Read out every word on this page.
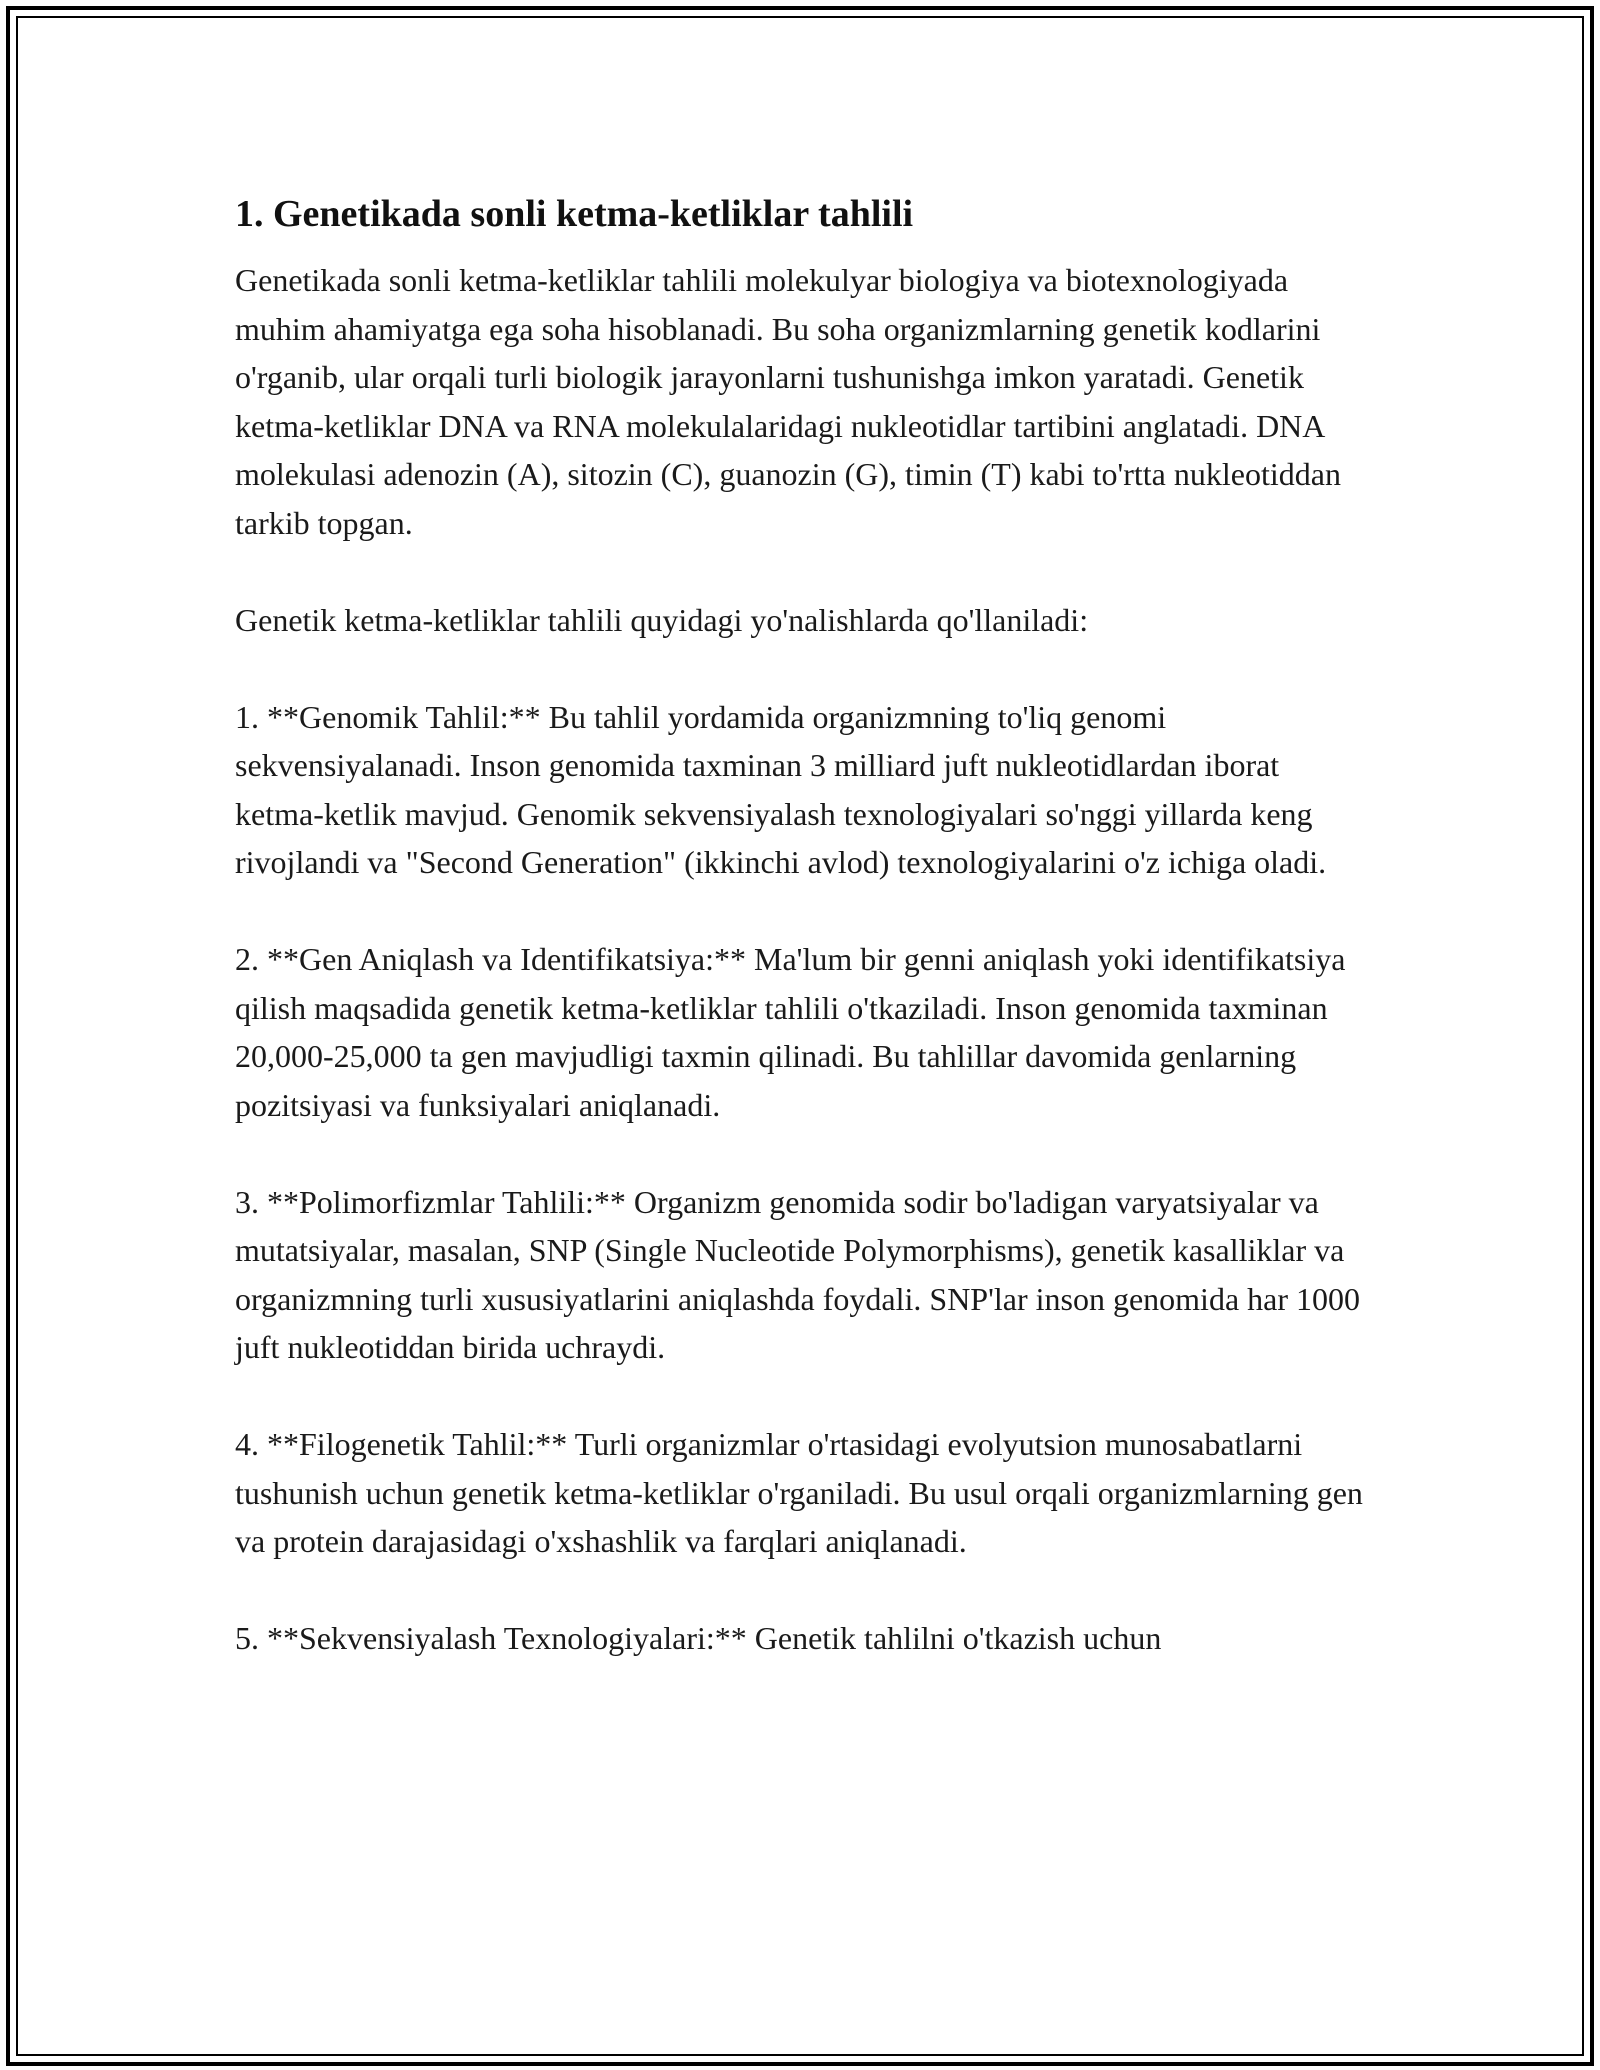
1. Genetikada sonli ketma-ketliklar tahlili

Genetikada sonli ketma-ketliklar tahlili molekulyar biologiya va biotexnologiyada muhim ahamiyatga ega soha hisoblanadi. Bu soha organizmlarning genetik kodlarini o'rganib, ular orqali turli biologik jarayonlarni tushunishga imkon yaratadi. Genetik ketma-ketliklar DNA va RNA molekulalaridagi nukleotidlar tartibini anglatadi. DNA molekulasi adenozin (A), sitozin (C), guanozin (G), timin (T) kabi to'rtta nukleotiddan tarkib topgan.

Genetik ketma-ketliklar tahlili quyidagi yo'nalishlarda qo'llaniladi:

1. **Genomik Tahlil:** Bu tahlil yordamida organizmning to'liq genomi sekvensiyalanadi. Inson genomida taxminan 3 milliard juft nukleotidlardan iborat ketma-ketlik mavjud. Genomik sekvensiyalash texnologiyalari so'nggi yillarda keng rivojlandi va "Second Generation" (ikkinchi avlod) texnologiyalarini o'z ichiga oladi.

2. **Gen Aniqlash va Identifikatsiya:** Ma'lum bir genni aniqlash yoki identifikatsiya qilish maqsadida genetik ketma-ketliklar tahlili o'tkaziladi. Inson genomida taxminan 20,000-25,000 ta gen mavjudligi taxmin qilinadi. Bu tahlillar davomida genlarning pozitsiyasi va funksiyalari aniqlanadi.

3. **Polimorfizmlar Tahlili:** Organizm genomida sodir bo'ladigan varyatsiyalar va mutatsiyalar, masalan, SNP (Single Nucleotide Polymorphisms), genetik kasalliklar va organizmning turli xususiyatlarini aniqlashda foydali. SNP'lar inson genomida har 1000 juft nukleotiddan birida uchraydi.

4. **Filogenetik Tahlil:** Turli organizmlar o'rtasidagi evolyutsion munosabatlarni tushunish uchun genetik ketma-ketliklar o'rganiladi. Bu usul orqali organizmlarning gen va protein darajasidagi o'xshashlik va farqlari aniqlanadi.

5. **Sekvensiyalash Texnologiyalari:** Genetik tahlilni o'tkazish uchun
